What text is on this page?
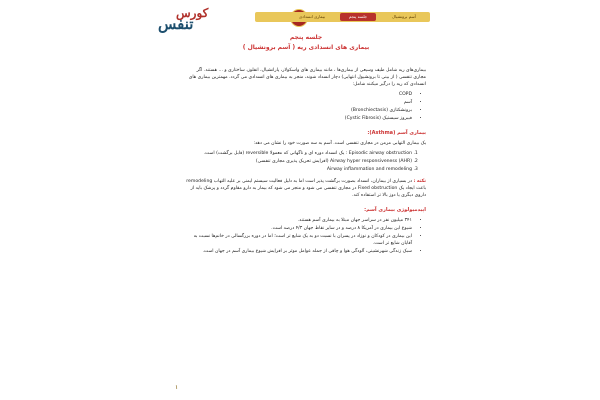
کورس
تنفس	آسم برونشیال
جلسه پنجم
بیماری انسدادی
جلسه پنجم
بیماری های انسدادی ریه ( آسم برونشیال )

بیماری‌های ریه شامل طیف وسیعی از بیماری‌ها ، مانند بیماری های واسکولار، پارانشیال، انفلوز، ساختاری و ... هستند. اگر مجاری تنفسی ( از بینی تا برونشیول انتهایی) دچار انسداد شوند، منجر به بیماری های انسدادی می گردد. مهمترین بیماری های انسدادی که ریه را درگیر میکنند شامل:

• COPD
• آسم
• برونشکتازی (Bronchiectasis)
• فیبروز سیستیک (Cystic Fibrosis)
بیماری آسم (Asthma):

یک بیماری التهابی مزمن در مجاری تنفسی است. آسم به سه صورت خود را نشان می دهد:

1. Episodic airway obstruction : یک انسداد دوره ای و ناگهانی که معمولا reversible (قابل برگشت) است.
2. Airway hyper responsiveness (AHR) (افزایش تحریک پذیری مجاری تنفسی)
3. Airway inflammation and remodeling

نکته : در بسیاری از بیماران، انسداد بصورت برگشت پذیر است اما به دلیل فعالیت سیستم ایمنی بر علیه التهاب remodeling باعث ایجاد یک Fixed obstruction در مجاری تنفسی می شود و منجر می شود که بیمار به دارو مقاوم گردد و پزشک باید از داروی دیگری یا دوز بالا تر استفاده کند.

اپیدمیولوژی بیماری آسم:
• ۳۴۱ میلیون نفر در سراسر جهان مبتلا به بیماری آسم هستند.
• شیوع این بیماری در آمریکا ۸ درصد و در سایر نقاط جهان ۴/۳ درصد است.
• این بیماری در کودکان و نوزاد در پسران با نسبت دو به یک شایع تر است؛ اما در دوره بزرگسالی در خانم‌ها نسبت به آقایان شایع تر است.
• سبک زندگی شهرنشینی، آلودگی هوا و چاقی از جمله عوامل موثر بر افزایش شیوع بیماری آسم در جهان است.
۱
